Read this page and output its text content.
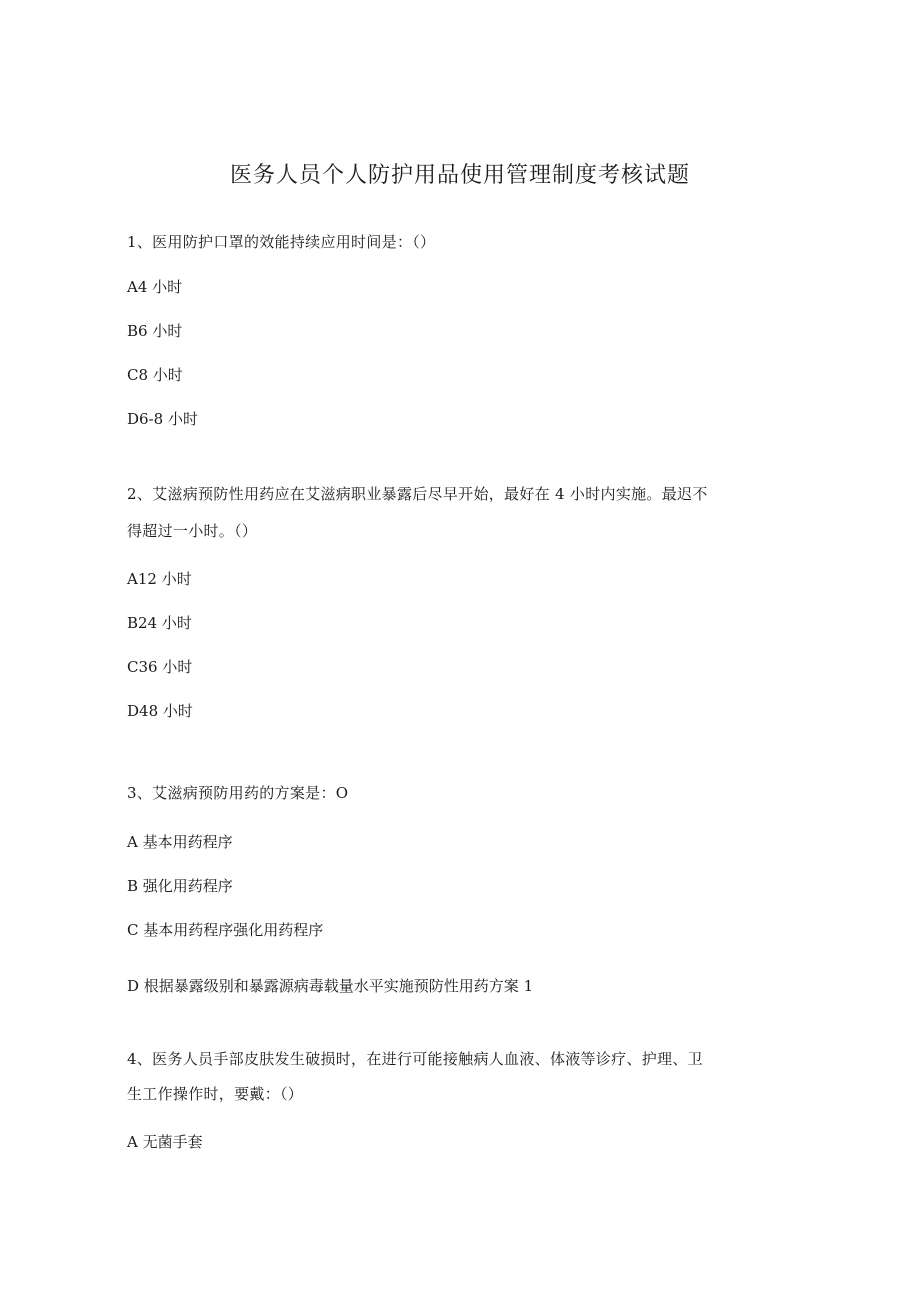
医务人员个人防护用品使用管理制度考核试题
1、医用防护口罩的效能持续应用时间是：（）
A4 小时
B6 小时
C8 小时
D6-8 小时
2、艾滋病预防性用药应在艾滋病职业暴露后尽早开始，最好在 4 小时内实施。最迟不
得超过一小时。（）
A12 小时
B24 小时
C36 小时
D48 小时
3、艾滋病预防用药的方案是：O
A 基本用药程序
B 强化用药程序
C 基本用药程序强化用药程序
D 根据暴露级别和暴露源病毒载量水平实施预防性用药方案 1
4、医务人员手部皮肤发生破损时，在进行可能接触病人血液、体液等诊疗、护理、卫
生工作操作时，要戴：（）
A 无菌手套
